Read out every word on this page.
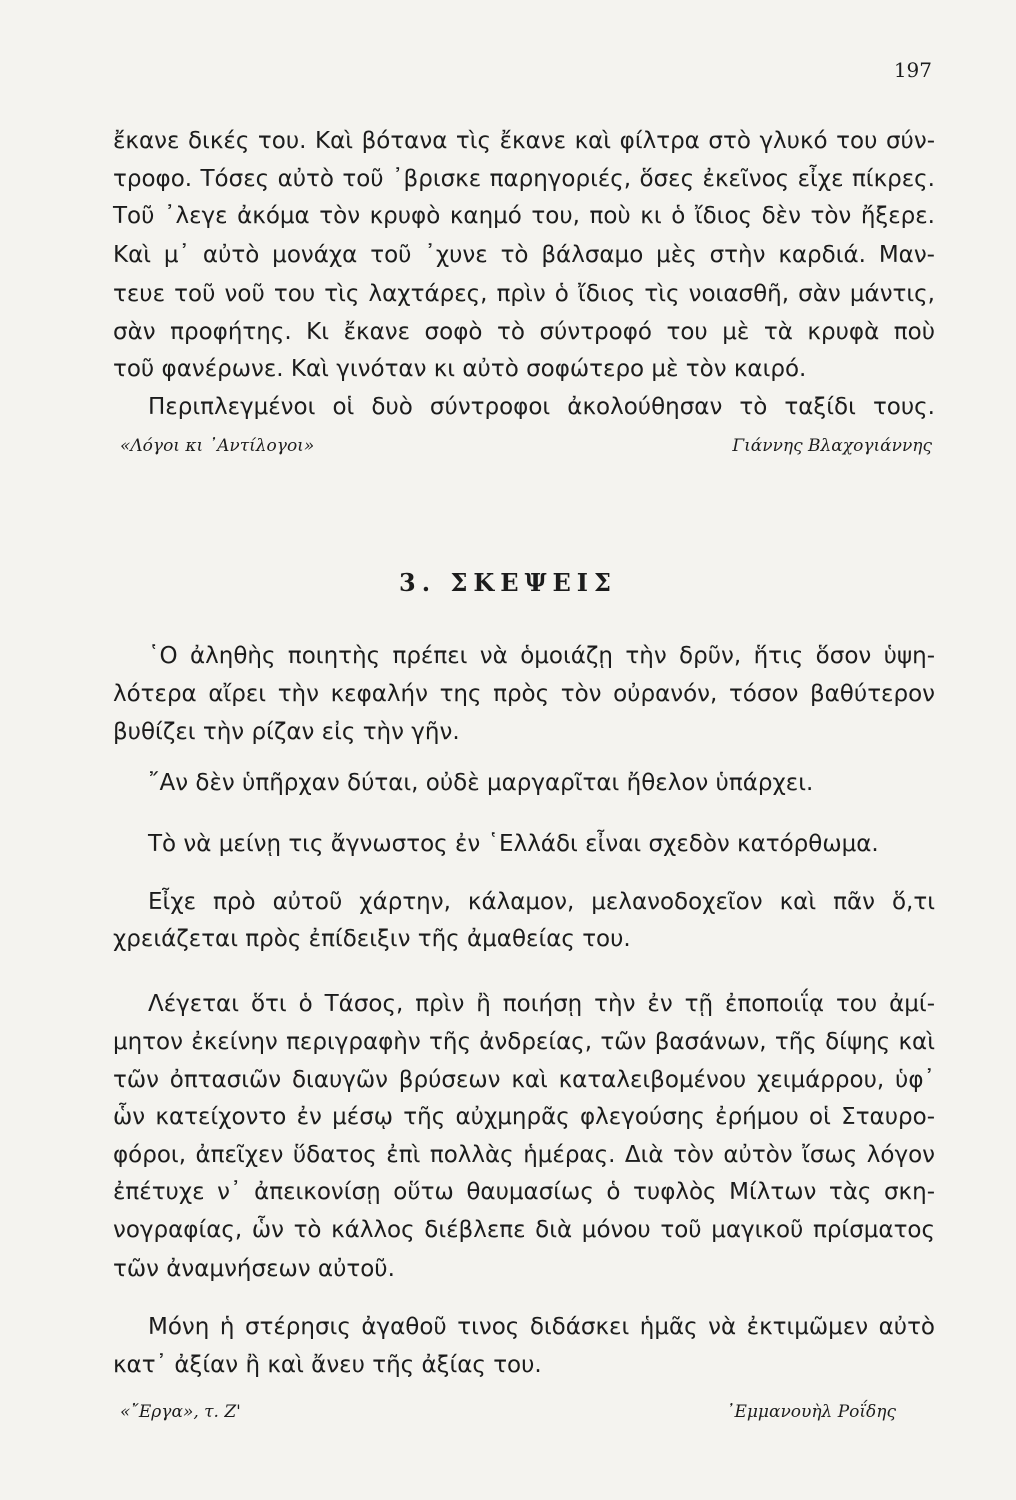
197
ἔκανε δικές του. Καὶ βότανα τὶς ἔκανε καὶ φίλτρα στὸ γλυκό του σύν-
τροφο. Τόσες αὐτὸ τοῦ ᾿βρισκε παρηγοριές, ὅσες ἐκεῖνος εἶχε πίκρες.
Τοῦ ᾿λεγε ἀκόμα τὸν κρυφὸ καημό του, ποὺ κι ὁ ἴδιος δὲν τὸν ἤξερε.
Καὶ μ᾿ αὐτὸ μονάχα τοῦ ᾿χυνε τὸ βάλσαμο μὲς στὴν καρδιά. Μαν-
τευε τοῦ νοῦ του τὶς λαχτάρες, πρὶν ὁ ἴδιος τὶς νοιασθῆ, σὰν μάντις,
σὰν προφήτης. Κι ἔκανε σοφὸ τὸ σύντροφό του μὲ τὰ κρυφὰ ποὺ
τοῦ φανέρωνε. Καὶ γινόταν κι αὐτὸ σοφώτερο μὲ τὸν καιρό.
Περιπλεγμένοι οἱ δυὸ σύντροφοι ἀκολούθησαν τὸ ταξίδι τους.
«Λόγοι κι ᾿Αντίλογοι»	Γιάννης Βλαχογιάννης
3. ΣΚΕΨΕΙΣ
῾Ο ἀληθὴς ποιητὴς πρέπει νὰ ὁμοιάζῃ τὴν δρῦν, ἥτις ὅσον ὑψη-
λότερα αἴρει τὴν κεφαλήν της πρὸς τὸν οὐρανόν, τόσον βαθύτερον
βυθίζει τὴν ρίζαν εἰς τὴν γῆν.
῎Αν δὲν ὑπῆρχαν δύται, οὐδὲ μαργαρῖται ἤθελον ὑπάρχει.
Τὸ νὰ μείνῃ τις ἄγνωστος ἐν ῾Ελλάδι εἶναι σχεδὸν κατόρθωμα.
Εἶχε πρὸ αὐτοῦ χάρτην, κάλαμον, μελανοδοχεῖον καὶ πᾶν ὅ,τι
χρειάζεται πρὸς ἐπίδειξιν τῆς ἀμαθείας του.
Λέγεται ὅτι ὁ Τάσος, πρὶν ἢ ποιήσῃ τὴν ἐν τῇ ἐποποιΐᾳ του ἀμί-
μητον ἐκείνην περιγραφὴν τῆς ἀνδρείας, τῶν βασάνων, τῆς δίψης καὶ
τῶν ὀπτασιῶν διαυγῶν βρύσεων καὶ καταλειβομένου χειμάρρου, ὑφ᾿
ὧν κατείχοντο ἐν μέσῳ τῆς αὐχμηρᾶς φλεγούσης ἐρήμου οἱ Σταυρο-
φόροι, ἀπεῖχεν ὕδατος ἐπὶ πολλὰς ἡμέρας. Διὰ τὸν αὐτὸν ἴσως λόγον
ἐπέτυχε ν᾿ ἀπεικονίσῃ οὕτω θαυμασίως ὁ τυφλὸς Μίλτων τὰς σκη-
νογραφίας, ὧν τὸ κάλλος διέβλεπε διὰ μόνου τοῦ μαγικοῦ πρίσματος
τῶν ἀναμνήσεων αὐτοῦ.
Μόνη ἡ στέρησις ἀγαθοῦ τινος διδάσκει ἡμᾶς νὰ ἐκτιμῶμεν αὐτὸ
κατ᾿ ἀξίαν ἢ καὶ ἄνευ τῆς ἀξίας του.
«῎Εργα», τ. Ζ'	᾿Εμμανουὴλ Ροΐδης
